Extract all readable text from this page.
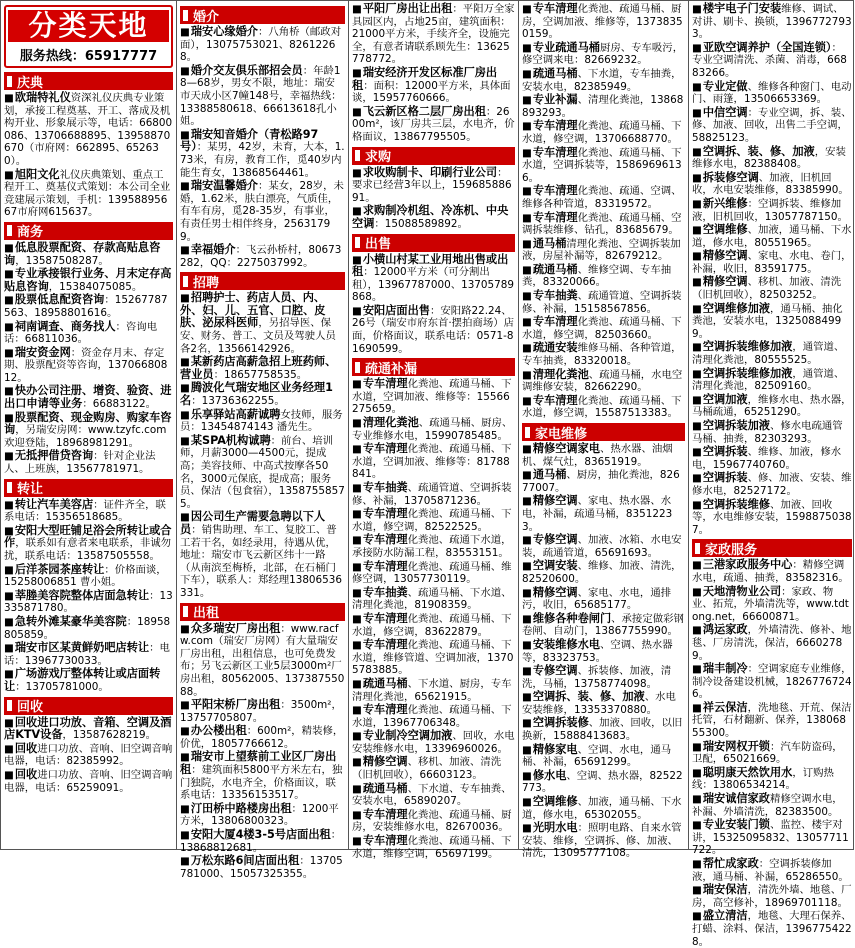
分类天地
服务热线：65917777
庆典
■欧瑞特礼仪资深礼仪庆典专业策划，承接工程奠基、开工、落成及机构开业、形象展示等，电话：66800086、13706688895、13958870670（市府网：662895、652630）。
■旭阳文化礼仪庆典策划、重点工程开工、奠基仪式策划：本公司全业竞建展示策划，手机：13958895667市府网615637。
商务
■低息股票配资、存款高贴息咨询，13587508287。
■专业承接银行业务、月末定存高贴息咨询，15384075085。
■股票低息配资咨询：15267787563、18958801616。
■祠南调查、商务找人：咨询电话：66811036。
■瑞安资金网：资金存月末、存定期、股票配资等咨询，13706680812。
■快办公司注册、增资、验资、进出口申请等业务：66883122。
■股票配资、现金购房、购家车咨询，另瑞安房网：www.tzyfc.com 欢迎登陆，18968981291。
■无抵押借贷咨询：针对企业法人、上班族，13567781971。
转让
■转让汽车美容店：证件齐全，联系电话：15356518685。
■安阳大型旺铺足浴会所转让或合作，联系如有意者来电联系，非诚勿扰，联系电话：13587505558。
■后洋茶园茶座转让：价格面谈，15258006851 曹小姐。
■莘塍美容院整体店面急转让：13335871780。
■急转外滩某豪华美容院：18958805859。
■瑞安市区某黄鲜奶吧店转让：电话：13967730033。
■广场游戏厅整体转让或店面转让：13705781000。
回收
■回收进口功放、音箱、空调及酒店KTV设备，13587628219。
■回收进口功放、音响、旧空调音响电器，电话：82385992。
■回收进口功放、音响、旧空调音响电器，电话：65259091。
婚介
■瑞安心缘婚介：八角桥（邮政对面），13075753021、82612268。
■婚介交友俱乐部招会员：年龄18—68岁，男女不限，地址：瑞安市天成小区7幢148号，幸福热线：13388580618、66613618孔小姐。
■瑞安知音婚介（青松路97号）：某男，42岁，未育，大本，1.73米，有房，教育工作，觅40岁内能生育女，13868564461。
■瑞安温馨婚介：某女，28岁，未婚，1.62米，肤白漂亮，气质佳，有车有房，觅28-35岁，有事业，有责任男士相伴终身，25631799。
■幸福婚介：飞云孙桥村，80673282，QQ：2275037992。
招聘
■招聘护士、药店人员、内、外、妇、儿、五官、口腔、皮肤、泌尿科医师，另招导医、保安、财务、普工、文员及驾驶人员各2名，13566142926。
■某新药店高薪急招上班药师、营业员：18657758535。
■腾波化气瑞安地区业务经理1名：13736362255。
■乐享驿站高薪诚聘女技师，服务员：13454874143 潘先生。
■某SPA机构诚聘：前台、培训师，月薪3000—4500元，提成高；美容技师、中高式按摩各50名，3000元保底，提成高；服务员、保洁（包食宿），13587558575。
■因公司生产需要急聘以下人员：销售助理、车工、复胶工、普工若干名，如经录用，待遇从优，地址：瑞安市飞云新区纬十一路（从南滨至梅桥，北部，在石桶门下车），联系人：郑经理13806536331。
出租
■众多瑞安厂房出租：www.racfw.com（瑞安厂房网）有大量瑞安厂房出租，出租信息，也可免费发布；另飞云新区工业5层3000m²厂房出租，80562005、13738755088。
■平阳宋桥厂房出租：3500m²，13757705807。
■办公楼出租：600m²，精装修，价优，18057766612。
■瑞安市上望蔡前工业区厂房出租：建筑面积5800平方米左右，独门独院，水电齐全，价格面议，联系电话：13356153517。
■汀田桥中路楼房出租：1200平方米，13806800323。
■安阳大厦4楼3-5号店面出租：13868812681。
■万松东路6间店面出租：13705781000、15057325355。
■平阳厂房出让出租：平阳万全家具园区内，占地25亩，建筑面积：21000平方米，手续齐全，设施完全，有意者请联系顾先生：13625778772。
■瑞安经济开发区标准厂房出租：面积：12000平方米，具体面谈，15957760666。
■飞云新区格二层厂房出租：2600m²，该厂房共三层，水电齐，价格面议，13867795505。
求购
■求收购制卡、印刷行业公司：要求已经营3年以上，15968588691。
■求购制冷机组、冷冻机、中央空调：15088589892。
出售
■小横山村某工业用地出售或出租：12000平方米（可分割出租），13967787000、13705789868。
■安阳店面出售：安阳路22.24、26号（瑞安市府东首·摆拍商场）店面，价格面议，联系电话：0571-81690599。
疏通补漏
■专车清理化粪池、疏通马桶、下水道，空调加液、维修等：15566275659。
■清理化粪池、疏通马桶、厨房、专业维修水电，15990785485。
■专车清理化粪池、疏通马桶、下水道，空调加液、维修等：81788841。
■专车抽粪、疏通管道、空调拆装修、补漏，13705871236。
■专车清理化粪池、疏通马桶、下水道，修空调，82522525。
■专车清理化粪池、疏通下水道，承接防水防漏工程，83553151。
■专车清理化粪池、疏通马桶、维修空调，13057730119。
■专车抽粪、疏通马桶、下水道、清理化粪池，81908359。
■专车清理化粪池、疏通马桶、下水道，修空调，83622879。
■专车清理化粪池、疏通马桶、下水道，维修管道、空调加液，13705783885。
■疏通马桶、下水道、厨房，专车清理化粪池，65621915。
■专车清理化粪池、疏通马桶、下水道，13967706348。
■专业制冷空调加液、回收，水电安装维修水电，13396960026。
■精修空调、移机、加液、清洗（旧机回收），66603123。
■疏通马桶、下水道、专车抽粪、安装水电，65890207。
■专车清理化粪池、疏通马桶、厨房，安装维修水电，82670036。
■专车清理化粪池、疏通马桶、下水道，维修空调，65697199。
■专车清理化粪池、疏通马桶、厨房，空调加液、维修等，13738350159。
■专业疏通马桶厨房、专车吸污，修空调来电：82669232。
■疏通马桶、下水道，专车抽粪，安装水电，82385949。
■专业补漏、清理化粪池，13868893293。
■专车清理化粪池、疏通马桶、下水道，修空调，13706688770。
■专车清理化粪池、疏通马桶、下水道，空调拆装等，15869696136。
■专车清理化粪池、疏通、空调、维修各种管道，83319572。
■专车清理化粪池、疏通马桶、空调拆装维修、钻孔，83685679。
■通马桶清理化粪池、空调拆装加液，房屋补漏等，82679212。
■疏通马桶、维修空调、专车抽粪，83320066。
■专车抽粪、疏通管道、空调拆装修、补漏，15158567856。
■专车清理化粪池、疏通马桶、下水道，修空调，82503660。
■疏通安装维修马桶、各种管道，专车抽粪，83320018。
■清理化粪池、疏通马桶，水电空调维修安装，82662290。
■专车清理化粪池、疏通马桶、下水道，修空调，15587513383。
家电维修
■精修空调家电、热水器、油烟机、煤气灶，83651919。
■通马桶、厨房，抽化粪池，82677007。
■精修空调、家电、热水器、水电，补漏，疏通马桶，83512233。
■专修空调、加液、冰箱、水电安装，疏通管道，65691693。
■空调安装、维修、加液、清洗，82520600。
■精修空调、家电、水电，通排污，收旧，65685177。
■维修各种卷闸门、承接定做彩钢卷闸、自动门，13867755990。
■安装维修水电、空调、热水器等，83323753。
■专修空调、拆装修、加液，清洗，马桶，13758774098。
■空调拆、装、修、加液、水电安装维修，13353370880。
■空调拆装修、加液、回收，以旧换新，15888413683。
■精修家电、空调、水电，通马桶、补漏，65691299。
■修水电、空调、热水器，82522773。
■空调维修、加液，通马桶、下水道，修水电，65302055。
■光明水电：照明电路、自来水管安装、维修，空调拆、修、加液、清洗，13095777108。
■楼宇电子门安装维修、调试、对讲、刷卡、换锁，13967727933。
■亚欧空调养护（全国连锁）：专业空调清洗、杀菌、消毒，66883266。
■专业定做、维修各种窗门、电动门、雨篷，13506653369。
■中信空调：专业空调，拆、装、修、加液、回收，出售二手空调，58825123。
■空调拆、装、修、加液，安装维修水电，82388408。
■拆装修空调、加液，旧机回收，水电安装维修，83385990。
■新兴维修：空调拆装、维修加液，旧机回收，13057787150。
■空调维修、加液，通马桶、下水道，修水电，80551965。
■精修空调、家电、水电、卷门，补漏，收旧，83591775。
■精修空调、移机、加液、清洗（旧机回收），82503252。
■空调维修加液，通马桶、抽化粪池，安装水电，13250884999。
■空调拆装维修加液，通管道、清理化粪池，80555525。
■空调拆装维修加液，通管道、清理化粪池，82509160。
■空调加液，维修水电、热水器，马桶疏通，65251290。
■空调拆装加液、修水电疏通管马桶、抽粪，82303293。
■空调拆装、维修、加液，修水电，15967740760。
■空调拆装、修、加液、安装、维修水电，82527172。
■空调拆装维修、加液、回收等，水电维修安装，15988750387。
家政服务
■三港家政服务中心：精修空调水电，疏通、抽粪，83582316。
■天地清物业公司：家政、物业、拓荒，外墙清洗等，www.tdtong.net，66600871。
■鸿运家政，外墙清洗、修补、地毯、厂房清洗，保洁，66602789。
■瑞丰制冷：空调家庭专业维修，制冷设备建设机械，18267767246。
■祥云保洁，洗地毯、开荒、保洁托管，石材翻新、保养，13806855300。
■瑞安网权开锁：汽车防盗码，卫配，65021669。
■聪明康天然饮用水，订购热线：13806534214。
■瑞安诚信家政精修空调水电，补漏、外墙清洗，82383500。
■专业安装门锁、监控、楼宇对讲，15325095832、13057711722。
■帮忙成家政：空调拆装修加液，通马桶、补漏，65286550。
■瑞安保洁，清洗外墙、地毯、厂房，高空修补，18969701118。
■盛立清洁，地毯、大理石保养、打蜡、涂料、保洁，13967754228。
